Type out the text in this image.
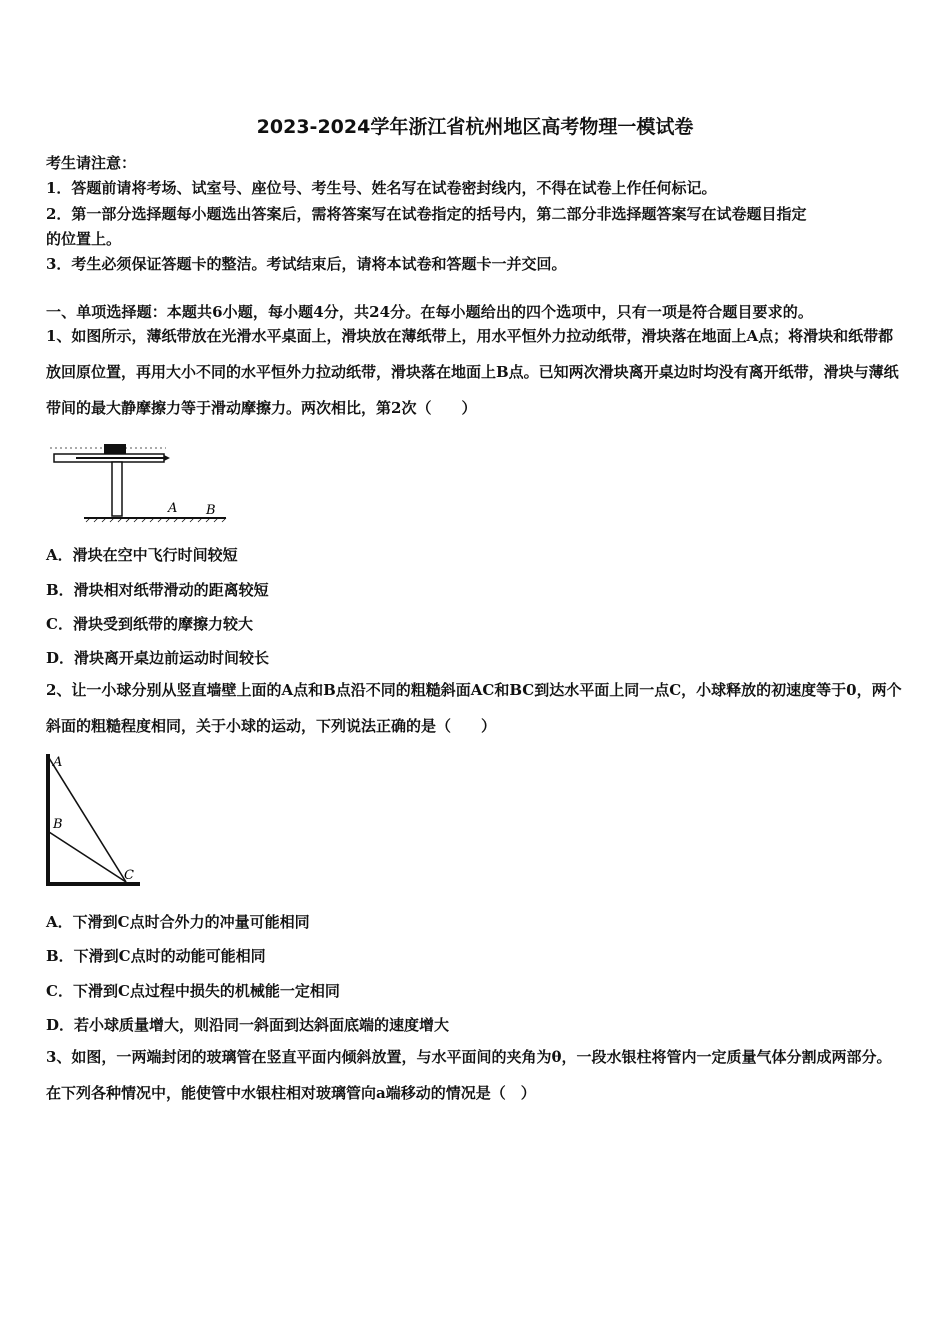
2023-2024学年浙江省杭州地区高考物理一模试卷
考生请注意：
1．答题前请将考场、试室号、座位号、考生号、姓名写在试卷密封线内，不得在试卷上作任何标记。
2．第一部分选择题每小题选出答案后，需将答案写在试卷指定的括号内，第二部分非选择题答案写在试卷题目指定
的位置上。
3．考生必须保证答题卡的整洁。考试结束后，请将本试卷和答题卡一并交回。
一、单项选择题：本题共6小题，每小题4分，共24分。在每小题给出的四个选项中，只有一项是符合题目要求的。
1、如图所示，薄纸带放在光滑水平桌面上，滑块放在薄纸带上，用水平恒外力拉动纸带，滑块落在地面上A点；将滑块和纸带都放回原位置，再用大小不同的水平恒外力拉动纸带，滑块落在地面上B点。已知两次滑块离开桌边时均没有离开纸带，滑块与薄纸带间的最大静摩擦力等于滑动摩擦力。两次相比，第2次（　　）
A B
A．滑块在空中飞行时间较短
B．滑块相对纸带滑动的距离较短
C．滑块受到纸带的摩擦力较大
D．滑块离开桌边前运动时间较长
2、让一小球分别从竖直墙壁上面的A点和B点沿不同的粗糙斜面AC和BC到达水平面上同一点C，小球释放的初速度等于0，两个斜面的粗糙程度相同，关于小球的运动，下列说法正确的是（　　）
A
B
C
A．下滑到C点时合外力的冲量可能相同
B．下滑到C点时的动能可能相同
C．下滑到C点过程中损失的机械能一定相同
D．若小球质量增大，则沿同一斜面到达斜面底端的速度增大
3、如图，一两端封闭的玻璃管在竖直平面内倾斜放置，与水平面间的夹角为θ，一段水银柱将管内一定质量气体分割成两部分。在下列各种情况中，能使管中水银柱相对玻璃管向a端移动的情况是（　）
